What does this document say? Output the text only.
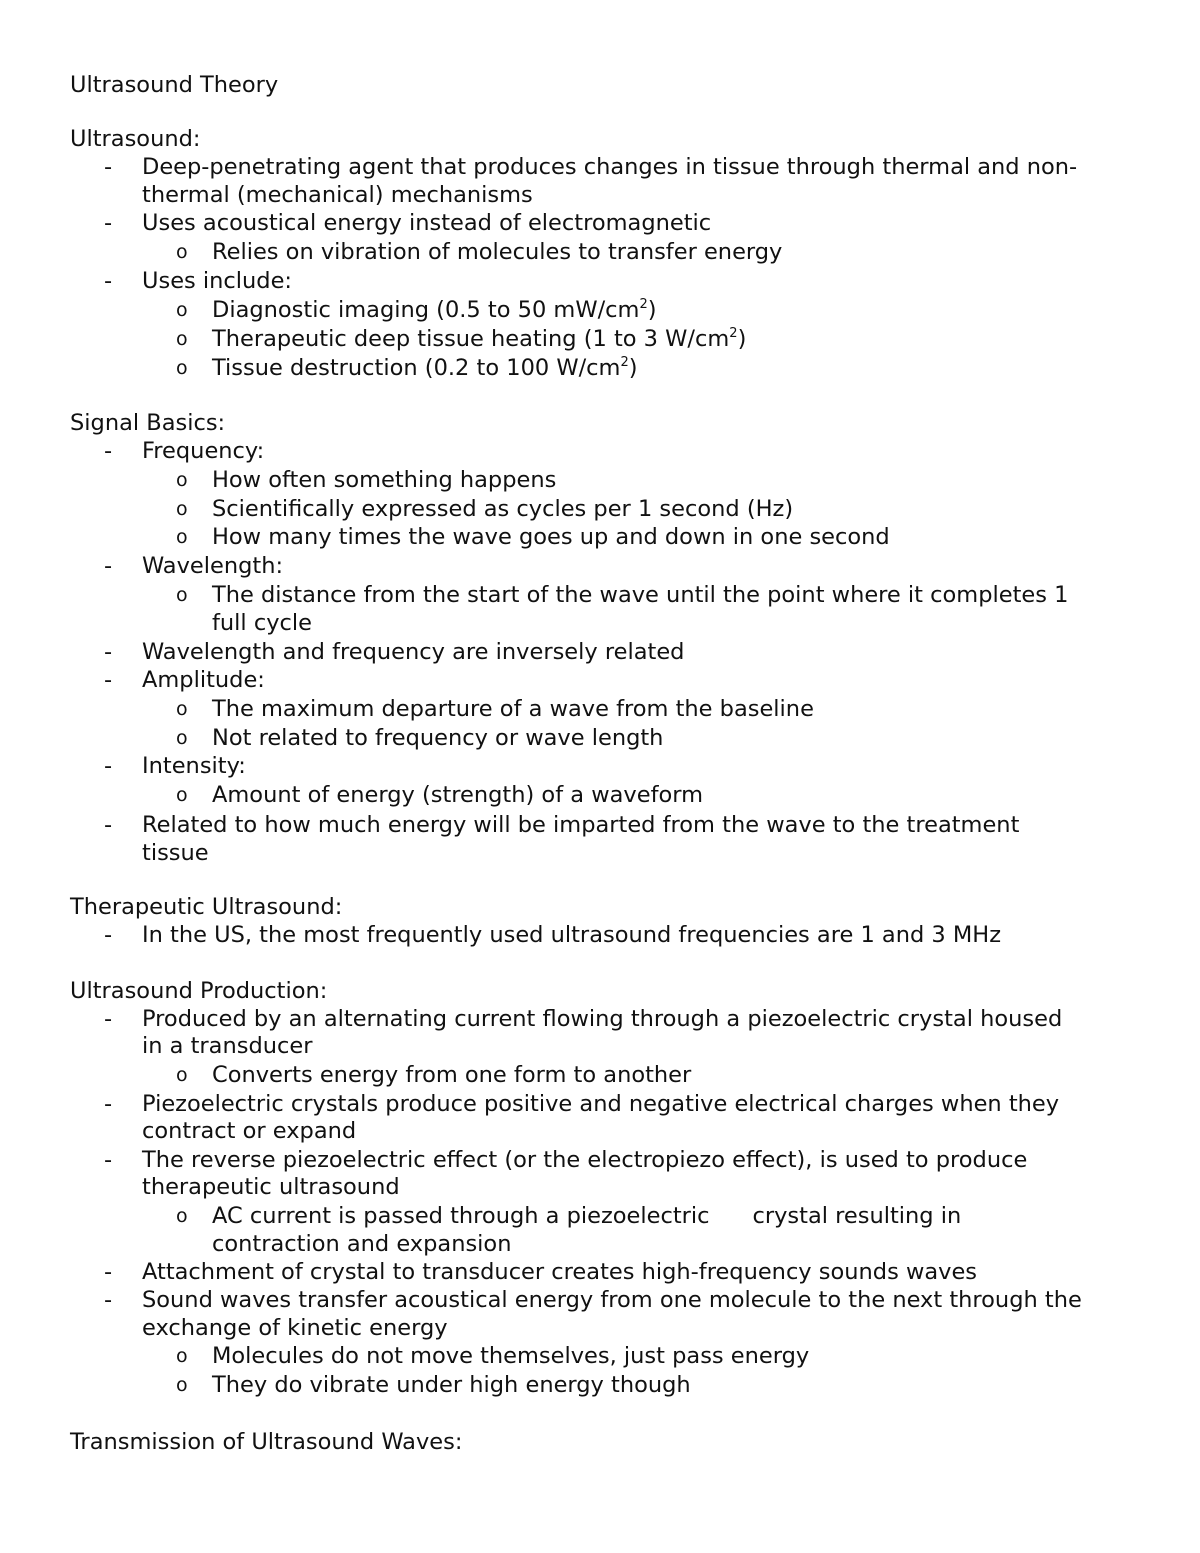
Ultrasound Theory
Ultrasound:
- Deep-penetrating agent that produces changes in tissue through thermal and non-
thermal (mechanical) mechanisms
- Uses acoustical energy instead of electromagnetic
o Relies on vibration of molecules to transfer energy
- Uses include:
o Diagnostic imaging (0.5 to 50 $mW/cm^2$)
o Therapeutic deep tissue heating (1 to 3 $W/cm^2$)
o Tissue destruction (0.2 to 100 $W/cm^2$)
Signal Basics:
- Frequency:
o How often something happens
o Scientifically expressed as cycles per 1 second (Hz)
o How many times the wave goes up and down in one second
- Wavelength:
o The distance from the start of the wave until the point where it completes 1
full cycle
- Wavelength and frequency are inversely related
- Amplitude:
o The maximum departure of a wave from the baseline
o Not related to frequency or wave length
- Intensity:
o Amount of energy (strength) of a waveform
- Related to how much energy will be imparted from the wave to the treatment
tissue
Therapeutic Ultrasound:
- In the US, the most frequently used ultrasound frequencies are 1 and 3 MHz
Ultrasound Production:
- Produced by an alternating current flowing through a piezoelectric crystal housed
in a transducer
o Converts energy from one form to another
- Piezoelectric crystals produce positive and negative electrical charges when they
contract or expand
- The reverse piezoelectric effect (or the electropiezo effect), is used to produce
therapeutic ultrasound
o AC current is passed through a piezoelectric      crystal resulting in
contraction and expansion
- Attachment of crystal to transducer creates high-frequency sounds waves
- Sound waves transfer acoustical energy from one molecule to the next through the
exchange of kinetic energy
o Molecules do not move themselves, just pass energy
o They do vibrate under high energy though
Transmission of Ultrasound Waves:
